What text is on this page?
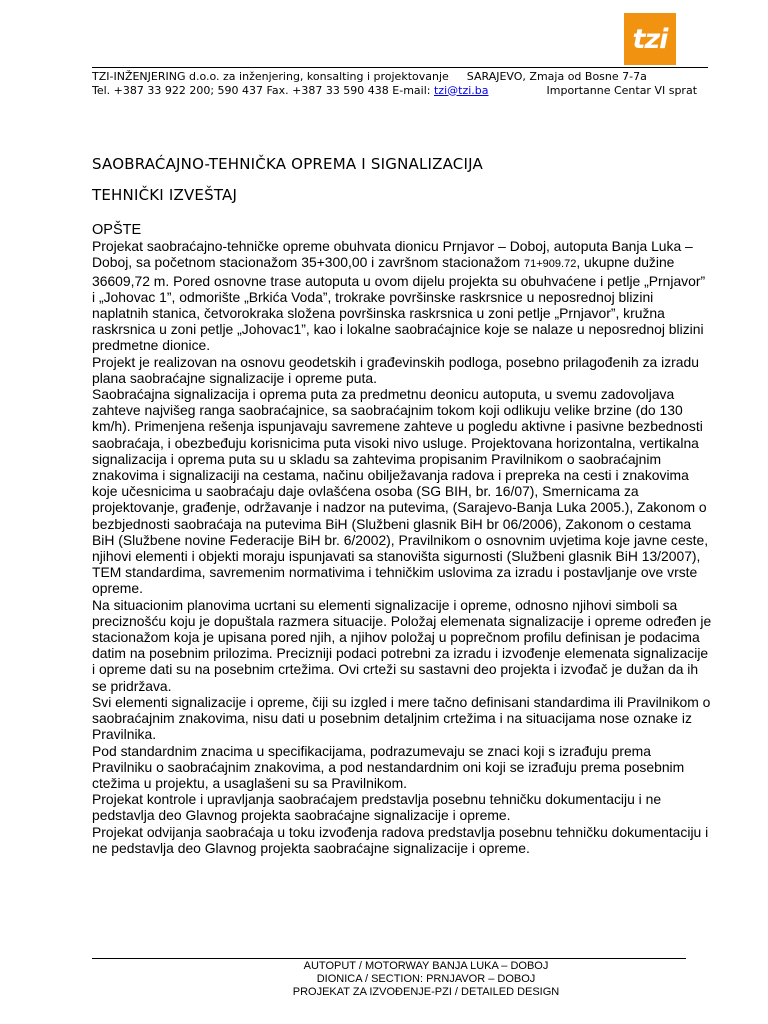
tzi
TZI-INŽENJERING d.o.o. za inženjering, konsalting i projektovanje SARAJEVO, Zmaja od Bosne 7-7a
Tel. +387 33 922 200; 590 437 Fax. +387 33 590 438 E-mail: tzi@tzi.ba	Importanne Centar VI sprat
SAOBRAĆAJNO-TEHNIČKA OPREMA I SIGNALIZACIJA
TEHNIČKI IZVEŠTAJ

OPŠTE

Projekat saobraćajno-tehničke opreme obuhvata dionicu Prnjavor – Doboj, autoputa Banja Luka – Doboj, sa početnom stacionažom 35+300,00 i završnom stacionažom 71+909.72, ukupne dužine 36609,72 m. Pored osnovne trase autoputa u ovom dijelu projekta su obuhvaćene i petlje „Prnjavor” i „Johovac 1”, odmorište „Brkića Voda”, trokrake površinske raskrsnice u neposrednoj blizini naplatnih stanica, četvorokraka složena površinska raskrsnica u zoni petlje „Prnjavor”, kružna raskrsnica u zoni petlje „Johovac1”, kao i lokalne saobraćajnice koje se nalaze u neposrednoj blizini predmetne dionice.

Projekt je realizovan na osnovu geodetskih i građevinskih podloga, posebno prilagođenih za izradu plana saobraćajne signalizacije i opreme puta.

Saobraćajna signalizacija i oprema puta za predmetnu deonicu autoputa, u svemu zadovoljava zahteve najvišeg ranga saobraćajnice, sa saobraćajnim tokom koji odlikuju velike brzine (do 130 km/h). Primenjena rešenja ispunjavaju savremene zahteve u pogledu aktivne i pasivne bezbednosti saobraćaja, i obezbeđuju korisnicima puta visoki nivo usluge. Projektovana horizontalna, vertikalna signalizacija i oprema puta su u skladu sa zahtevima propisanim Pravilnikom o saobraćajnim znakovima i signalizaciji na cestama, načinu obilježavanja radova i prepreka na cesti i znakovima koje učesnicima u saobraćaju daje ovlašćena osoba (SG BIH, br. 16/07), Smernicama za projektovanje, građenje, održavanje i nadzor na putevima, (Sarajevo-Banja Luka 2005.), Zakonom o bezbjednosti saobraćaja na putevima BiH (Službeni glasnik BiH br 06/2006), Zakonom o cestama BiH (Službene novine Federacije BiH br. 6/2002), Pravilnikom o osnovnim uvjetima koje javne ceste, njihovi elementi i objekti moraju ispunjavati sa stanovišta sigurnosti (Službeni glasnik BiH 13/2007), TEM standardima, savremenim normativima i tehničkim uslovima za izradu i postavljanje ove vrste opreme.

Na situacionim planovima ucrtani su elementi signalizacije i opreme, odnosno njihovi simboli sa preciznošću koju je dopuštala razmera situacije. Položaj elemenata signalizacije i opreme određen je stacionažom koja je upisana pored njih, a njihov položaj u poprečnom profilu definisan je podacima datim na posebnim prilozima. Precizniji podaci potrebni za izradu i izvođenje elemenata signalizacije i opreme dati su na posebnim crtežima. Ovi crteži su sastavni deo projekta i izvođač je dužan da ih se pridržava.

Svi elementi signalizacije i opreme, čiji su izgled i mere tačno definisani standardima ili Pravilnikom o saobraćajnim znakovima, nisu dati u posebnim detaljnim crtežima i na situacijama nose oznake iz Pravilnika.

Pod standardnim znacima u specifikacijama, podrazumevaju se znaci koji s izrađuju prema Pravilniku o saobraćajnim znakovima, a pod nestandardnim oni koji se izrađuju prema posebnim ctežima u projektu, a usaglašeni su sa Pravilnikom.

Projekat kontrole i upravljanja saobraćajem predstavlja posebnu tehničku dokumentaciju i ne pedstavlja deo Glavnog projekta saobraćajne signalizacije i opreme.

Projekat odvijanja saobraćaja u toku izvođenja radova predstavlja posebnu tehničku dokumentaciju i ne pedstavlja deo Glavnog projekta saobraćajne signalizacije i opreme.

AUTOPUT / MOTORWAY BANJA LUKA – DOBOJ
DIONICA / SECTION: PRNJAVOR – DOBOJ
PROJEKAT ZA IZVOĐENJE-PZI / DETAILED DESIGN
